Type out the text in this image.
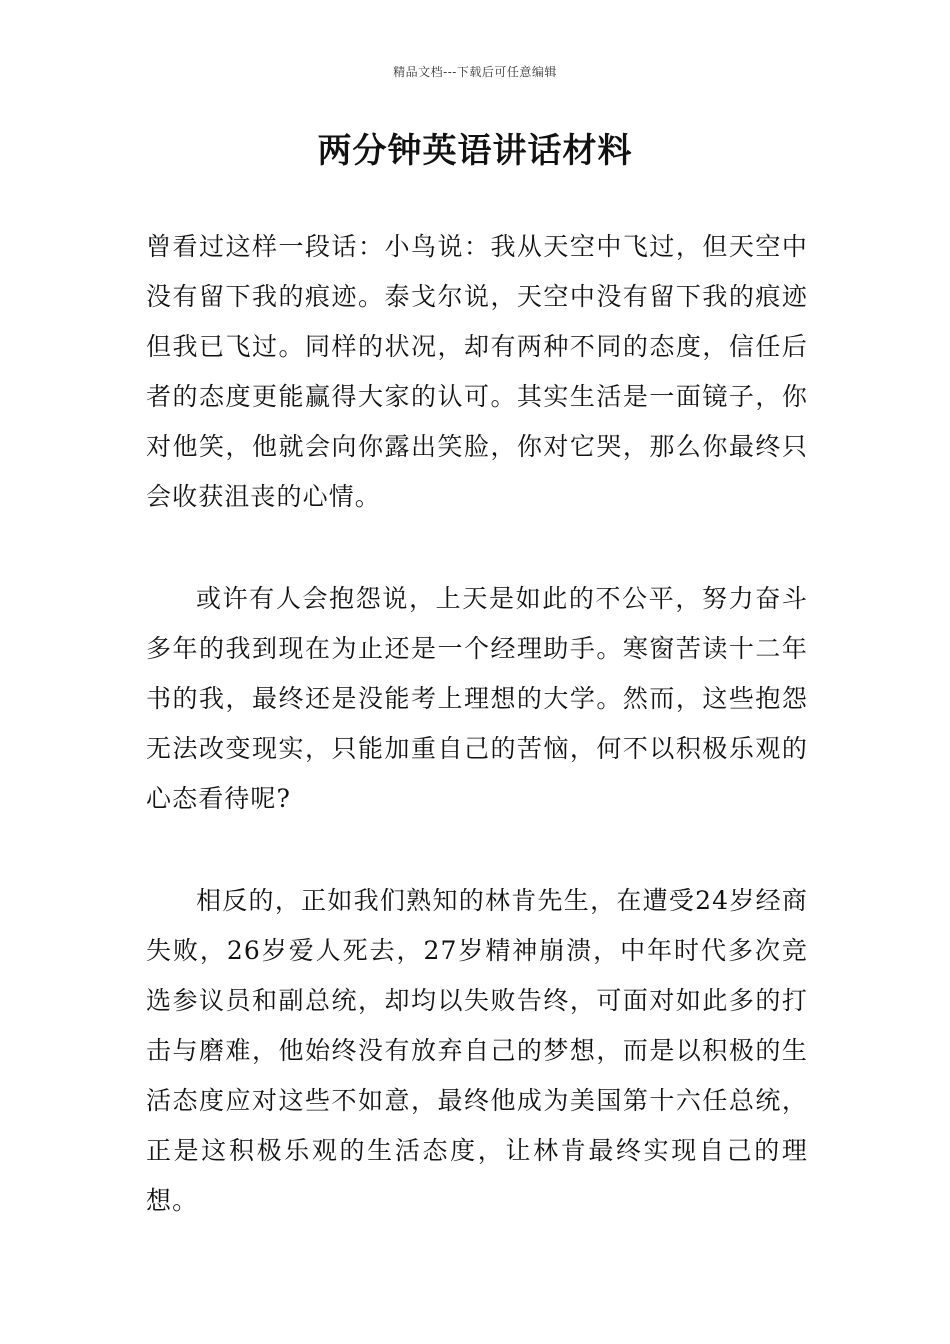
精品文档---下载后可任意编辑
两分钟英语讲话材料

曾看过这样一段话：小鸟说：我从天空中飞过，但天空中没有留下我的痕迹。泰戈尔说，天空中没有留下我的痕迹但我已飞过。同样的状况，却有两种不同的态度，信任后者的态度更能赢得大家的认可。其实生活是一面镜子，你对他笑，他就会向你露出笑脸，你对它哭，那么你最终只会收获沮丧的心情。

或许有人会抱怨说，上天是如此的不公平，努力奋斗多年的我到现在为止还是一个经理助手。寒窗苦读十二年书的我，最终还是没能考上理想的大学。然而，这些抱怨无法改变现实，只能加重自己的苦恼，何不以积极乐观的心态看待呢?

相反的，正如我们熟知的林肯先生，在遭受24岁经商失败，26岁爱人死去，27岁精神崩溃，中年时代多次竞选参议员和副总统，却均以失败告终，可面对如此多的打击与磨难，他始终没有放弃自己的梦想，而是以积极的生活态度应对这些不如意，最终他成为美国第十六任总统，正是这积极乐观的生活态度，让林肯最终实现自己的理想。
